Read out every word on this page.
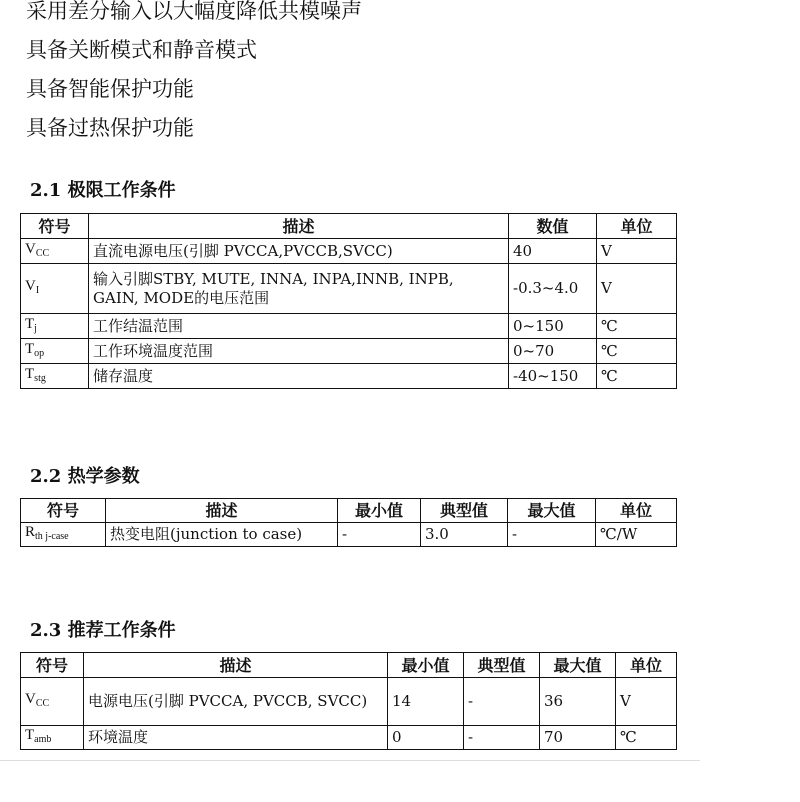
采用差分输入以大幅度降低共模噪声
具备关断模式和静音模式
具备智能保护功能
具备过热保护功能
2.1 极限工作条件
符号	描述	数值	单位
$V_{CC}$	直流电源电压(引脚 PVCCA,PVCCB,SVCC)	40	V
$V_I$	输入引脚STBY, MUTE, INNA, INPA,INNB, INPB, GAIN, MODE的电压范围	-0.3~4.0	V
$T_j$	工作结温范围	0~150	℃
$T_{op}$	工作环境温度范围	0~70	℃
$T_{stg}$	储存温度	-40~150	℃
2.2 热学参数
符号	描述	最小值	典型值	最大值	单位
$R_{th j-case}$	热变电阻(junction to case)	-	3.0	-	℃/W
2.3 推荐工作条件
符号	描述	最小值	典型值	最大值	单位
$V_{CC}$	电源电压(引脚 PVCCA, PVCCB, SVCC)	14	-	36	V
$T_{amb}$	环境温度	0	-	70	℃
